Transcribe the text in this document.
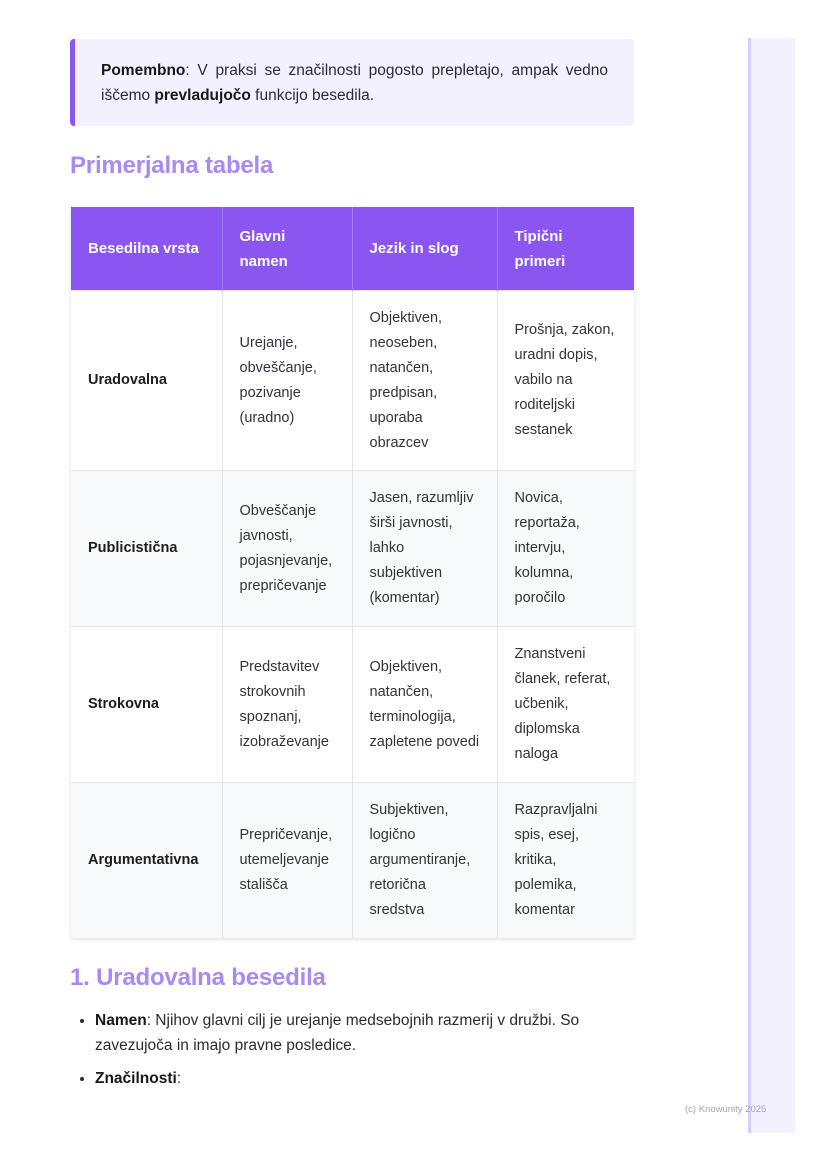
Pomembno: V praksi se značilnosti pogosto prepletajo, ampak vedno iščemo prevladujočo funkcijo besedila.
Primerjalna tabela
Besedilna vrsta	Glavni namen	Jezik in slog	Tipični primeri
Uradovalna	Urejanje, obveščanje, pozivanje (uradno)	Objektiven, neoseben, natančen, predpisan, uporaba obrazcev	Prošnja, zakon, uradni dopis, vabilo na roditeljski sestanek
Publicistična	Obveščanje javnosti, pojasnjevanje, prepričevanje	Jasen, razumljiv širši javnosti, lahko subjektiven (komentar)	Novica, reportaža, intervju, kolumna, poročilo
Strokovna	Predstavitev strokovnih spoznanj, izobraževanje	Objektiven, natančen, terminologija, zapletene povedi	Znanstveni članek, referat, učbenik, diplomska naloga
Argumentativna	Prepričevanje, utemeljevanje stališča	Subjektiven, logično argumentiranje, retorična sredstva	Razpravljalni spis, esej, kritika, polemika, komentar
1. Uradovalna besedila
• Namen: Njihov glavni cilj je urejanje medsebojnih razmerij v družbi. So zavezujoča in imajo pravne posledice.
• Značilnosti:
(c) Knowunity 2025
